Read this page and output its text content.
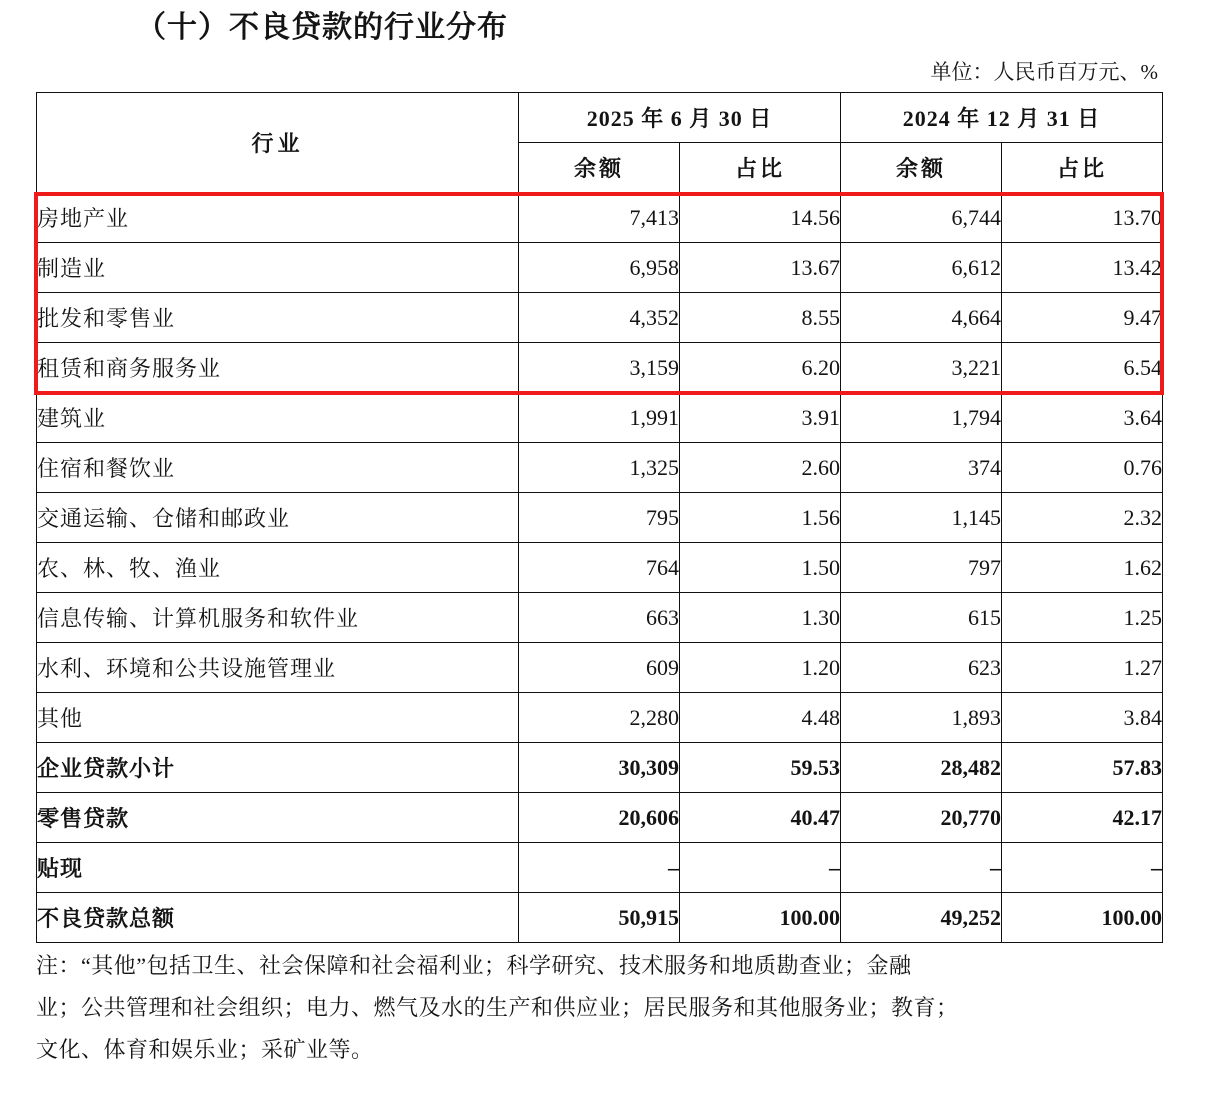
（十）不良贷款的行业分布
单位：人民币百万元、%
行业	2025 年 6 月 30 日		2024 年 12 月 31 日	
	余额	占比	余额	占比
房地产业	7,413	14.56	6,744	13.70
制造业	6,958	13.67	6,612	13.42
批发和零售业	4,352	8.55	4,664	9.47
租赁和商务服务业	3,159	6.20	3,221	6.54
建筑业	1,991	3.91	1,794	3.64
住宿和餐饮业	1,325	2.60	374	0.76
交通运输、仓储和邮政业	795	1.56	1,145	2.32
农、林、牧、渔业	764	1.50	797	1.62
信息传输、计算机服务和软件业	663	1.30	615	1.25
水利、环境和公共设施管理业	609	1.20	623	1.27
其他	2,280	4.48	1,893	3.84
企业贷款小计	30,309	59.53	28,482	57.83
零售贷款	20,606	40.47	20,770	42.17
贴现	–	–	–	–
不良贷款总额	50,915	100.00	49,252	100.00
注：“其他”包括卫生、社会保障和社会福利业；科学研究、技术服务和地质勘查业；金融
业；公共管理和社会组织；电力、燃气及水的生产和供应业；居民服务和其他服务业；教育；
文化、体育和娱乐业；采矿业等。
